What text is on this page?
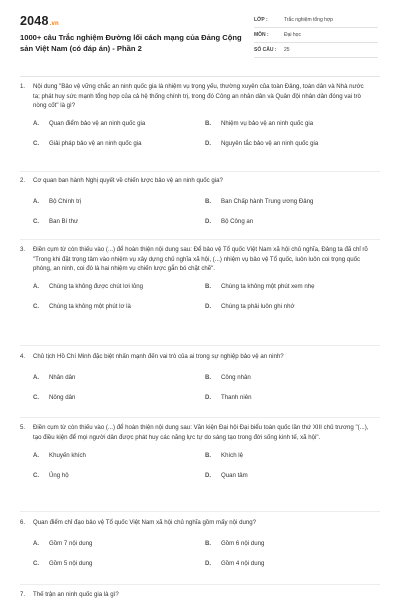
2048.vn
1000+ câu Trắc nghiệm Đường lối cách mạng của Đảng Cộng sản Việt Nam (có đáp án) - Phần 2
LỚP :	Trắc nghiệm tổng hợp
MÔN :	Đại học
SỐ CÂU :	25
1.	Nội dung "Bảo vệ vững chắc an ninh quốc gia là nhiệm vụ trọng yếu, thường xuyên của toàn Đảng, toàn dân và Nhà nước ta; phát huy sức mạnh tổng hợp của cả hệ thống chính trị, trong đó Công an nhân dân và Quân đội nhân dân đóng vai trò nòng cốt" là gì?
A.	Quan điểm bảo vệ an ninh quốc gia	B.	Nhiệm vụ bảo vệ an ninh quốc gia
C.	Giải pháp bảo vệ an ninh quốc gia	D.	Nguyên tắc bảo vệ an ninh quốc gia
2.	Cơ quan ban hành Nghị quyết về chiến lược bảo vệ an ninh quốc gia?
A.	Bộ Chính trị	B.	Ban Chấp hành Trung ương Đảng
C.	Ban Bí thư	D.	Bộ Công an
3.	Điền cụm từ còn thiếu vào (...) để hoàn thiện nội dung sau: Để bảo vệ Tổ quốc Việt Nam xã hội chủ nghĩa, Đảng ta đã chỉ rõ "Trong khi đặt trọng tâm vào nhiệm vụ xây dựng chủ nghĩa xã hội, (...) nhiệm vụ bảo vệ Tổ quốc, luôn luôn coi trọng quốc phòng, an ninh, coi đó là hai nhiệm vụ chiến lược gắn bó chặt chẽ".
A.	Chúng ta không được chút lơi lỏng	B.	Chúng ta không một phút xem nhẹ
C.	Chúng ta không một phút lơ là	D.	Chúng ta phải luôn ghi nhớ
4.	Chủ tịch Hồ Chí Minh đặc biệt nhấn mạnh đến vai trò của ai trong sự nghiệp bảo vệ an ninh?
A.	Nhân dân	B.	Công nhân
C.	Nông dân	D.	Thanh niên
5.	Điền cụm từ còn thiếu vào (...) để hoàn thiện nội dung sau: Văn kiện Đại hội Đại biểu toàn quốc lần thứ XIII chủ trương "(...), tạo điều kiện để mọi người dân được phát huy các năng lực tự do sáng tạo trong đời sống kinh tế, xã hội".
A.	Khuyến khích	B.	Khích lệ
C.	Ủng hộ	D.	Quan tâm
6.	Quan điểm chỉ đạo bảo vệ Tổ quốc Việt Nam xã hội chủ nghĩa gồm mấy nội dung?
A.	Gồm 7 nội dung	B.	Gồm 6 nội dung
C.	Gồm 5 nội dung	D.	Gồm 4 nội dung
7.	Thế trận an ninh quốc gia là gì?
